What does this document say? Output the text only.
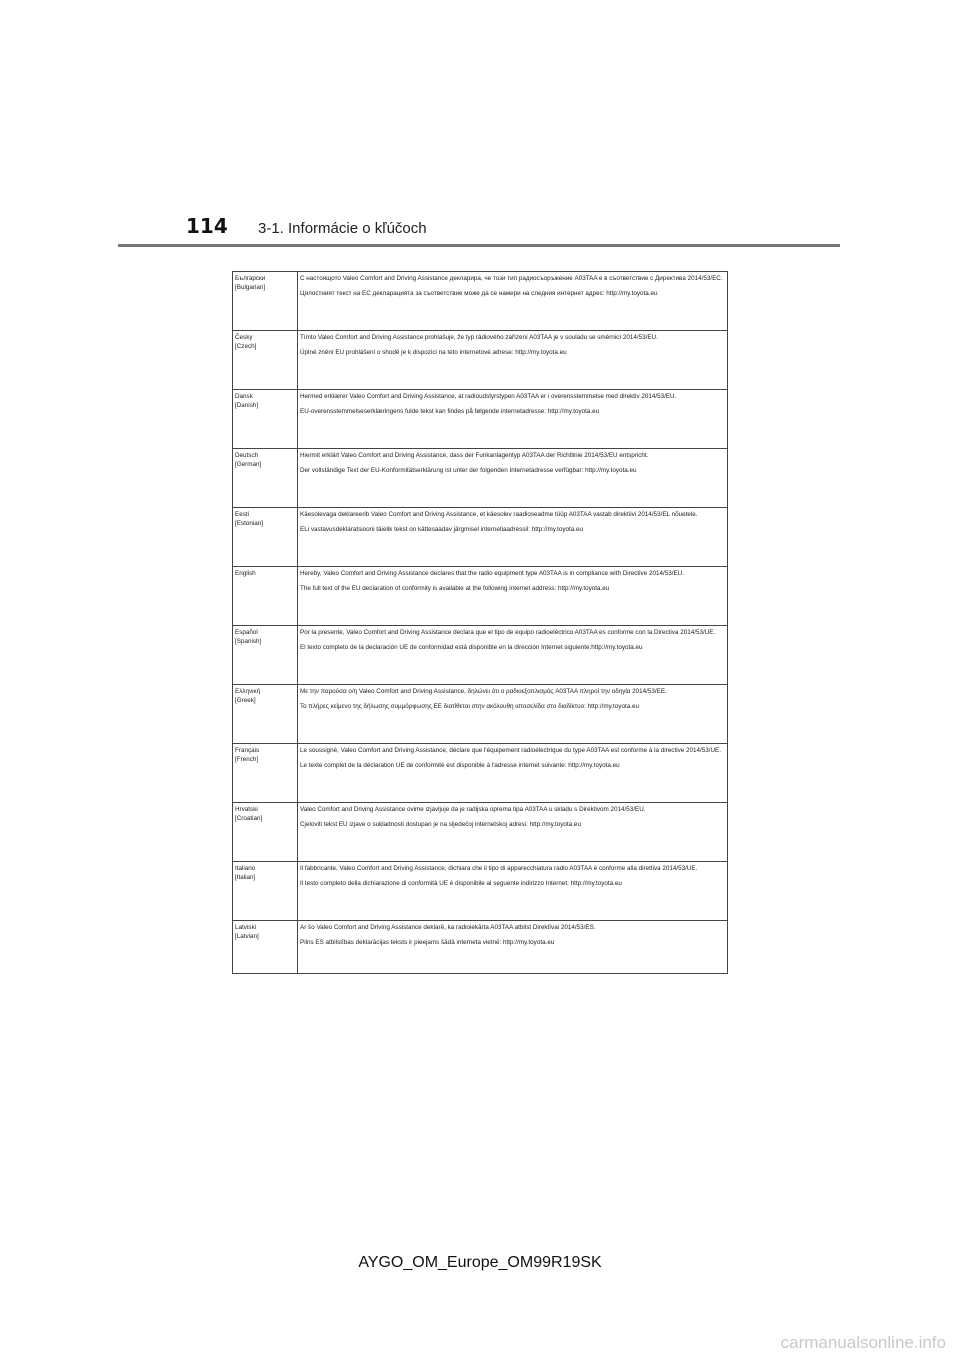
114 3-1. Informácie o kľúčoch
Български
[Bulgarian]	С настоящото Valeo Comfort and Driving Assistance декларира, че този тип радиосъоръжение A03TAA е в съответствие с Директива 2014/53/ЕС.
Цялостният текст на ЕС декларацията за съответствие може да се намери на следния интернет адрес: http://my.toyota.eu

Česky
[Czech]	Tímto Valeo Comfort and Driving Assistance prohlašuje, že typ rádiového zařízení A03TAA je v souladu se směrnicí 2014/53/EU.
Úplné znění EU prohlášení o shodě je k dispozici na této internetové adrese: http://my.toyota.eu

Dansk
[Danish]	Hermed erklærer Valeo Comfort and Driving Assistance, at radioudstyrstypen A03TAA er i overensstemmelse med direktiv 2014/53/EU.
EU-overensstemmelseserklæringens fulde tekst kan findes på følgende internetadresse: http://my.toyota.eu

Deutsch
[German]	Hiermit erklärt Valeo Comfort and Driving Assistance, dass der Funkanlagentyp A03TAA der Richtlinie 2014/53/EU entspricht.
Der vollständige Text der EU-Konformitätserklärung ist unter der folgenden Internetadresse verfügbar: http://my.toyota.eu

Eesti
[Estonian]	Käesolevaga deklareerib Valeo Comfort and Driving Assistance, et käesolev raadioseadme tüüp A03TAA vastab direktiivi 2014/53/EL nõuetele.
ELi vastavusdeklaratsiooni täielik tekst on kättesaadav järgmisel internetiaadressil: http://my.toyota.eu

English	Hereby, Valeo Comfort and Driving Assistance declares that the radio equipment type A03TAA is in compliance with Directive 2014/53/EU.
The full text of the EU declaration of conformity is available at the following internet address: http://my.toyota.eu

Español
[Spanish]	Por la presente, Valeo Comfort and Driving Assistance declara que el tipo de equipo radioeléctrico A03TAA es conforme con la Directiva 2014/53/UE.
El texto completo de la declaración UE de conformidad está disponible en la dirección Internet siguiente:http://my.toyota.eu

Ελληνική
[Greek]	Με την παρούσα ο/η Valeo Comfort and Driving Assistance, δηλώνει ότι ο ραδιοεξοπλισμός A03TAA πληροί την οδηγία 2014/53/ΕΕ.
Το πλήρες κείμενο της δήλωσης συμμόρφωσης ΕΕ διατίθεται στην ακόλουθη ιστοσελίδα στο διαδίκτυο: http://my.toyota.eu

Français
[French]	Le soussigné, Valeo Comfort and Driving Assistance, déclare que l'équipement radioélectrique du type A03TAA est conforme à la directive 2014/53/UE.
Le texte complet de la déclaration UE de conformité est disponible à l'adresse internet suivante: http://my.toyota.eu

Hrvatski
[Croatian]	Valeo Comfort and Driving Assistance ovime izjavljuje da je radijska oprema tipa A03TAA u skladu s Direktivom 2014/53/EU.
Cjeloviti tekst EU izjave o sukladnosti dostupan je na sljedećoj internetskoj adresi: http://my.toyota.eu

Italiano
[Italian]	Il fabbricante, Valeo Comfort and Driving Assistance, dichiara che il tipo di apparecchiatura radio A03TAA è conforme alla direttiva 2014/53/UE.
Il testo completo della dichiarazione di conformità UE è disponibile al seguente indirizzo Internet: http://my.toyota.eu

Latviski
[Latvian]	Ar šo Valeo Comfort and Driving Assistance deklarē, ka radioiekārta A03TAA atbilst Direktīvai 2014/53/ES.
Pilns ES atbilstības deklarācijas teksts ir pieejams šādā interneta vietnē: http://my.toyota.eu
AYGO_OM_Europe_OM99R19SK
carmanualsonline.info
